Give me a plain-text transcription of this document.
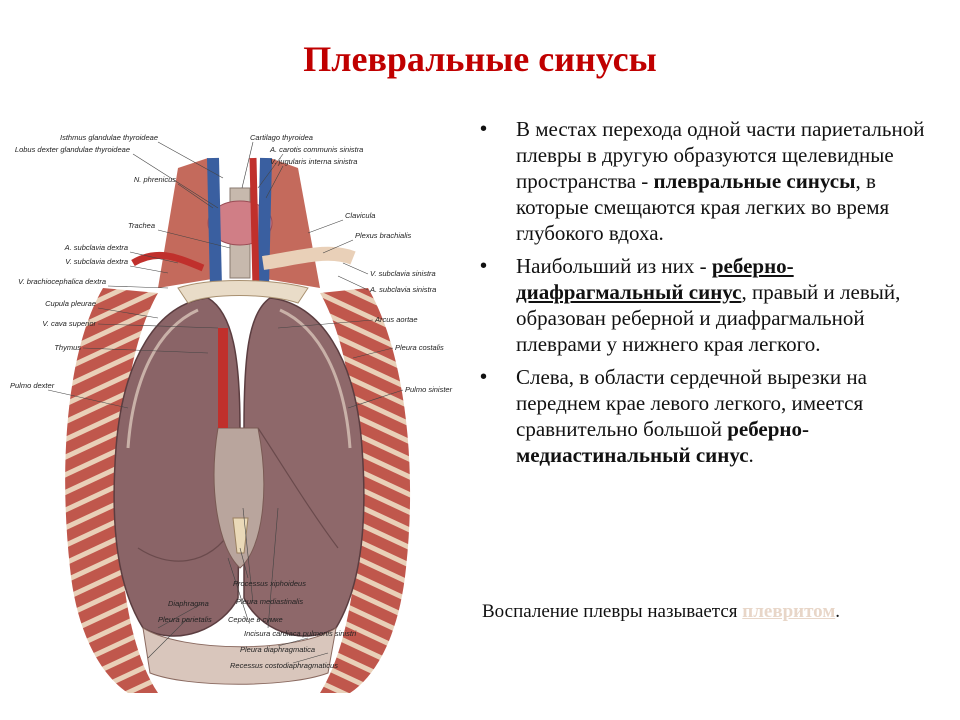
Плевральные синусы
Isthmus glandulae thyroideae	Cartilago thyroidea
Lobus dexter glandulae thyroideae	A. carotis communis sinistra
V. jugularis interna sinistra
N. phrenicus
Clavicula
Trachea
Plexus brachialis
A. subclavia dextra
V. subclavia dextra
V. subclavia sinistra
V. brachiocephalica dextra
A. subclavia sinistra
Cupula pleurae
Arcus aortae
V. cava superior
Thymus	Pleura costalis
Pulmo dexter	Pulmo sinister
Processus xiphoideus
Diaphragma	Pleura mediastinalis
Pleura parietalis Сердце в сумке
Incisura cardiaca pulmonis sinistri
Pleura diaphragmatica
Recessus costodiaphragmaticus
• В местах перехода одной части париетальной плевры в другую образуются щелевидные пространства - плевральные синусы, в которые смещаются края легких во время глубокого вдоха.
• Наибольший из них - реберно-диафрагмальный синус, правый и левый, образован реберной и диафрагмальной плеврами у нижнего края легкого.
• Слева, в области сердечной вырезки на переднем крае левого легкого, имеется сравнительно большой реберно-медиастинальный синус.

Воспаление плевры называется плевритом.
